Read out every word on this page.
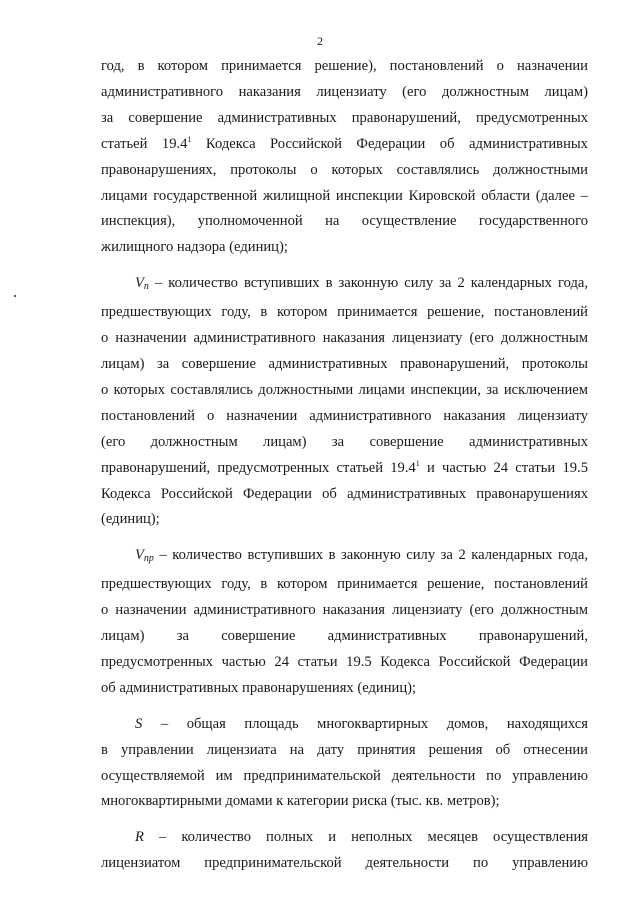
2
год, в котором принимается решение), постановлений о назначении
административного наказания лицензиату (его должностным лицам)
за совершение административных правонарушений, предусмотренных
статьей 19.4$^1$ Кодекса Российской Федерации об административных
правонарушениях, протоколы о которых составлялись должностными
лицами государственной жилищной инспекции Кировской области (далее –
инспекция), уполномоченной на осуществление государственного
жилищного надзора (единиц);
$V_п$ – количество вступивших в законную силу за 2 календарных года,
предшествующих году, в котором принимается решение, постановлений
о назначении административного наказания лицензиату (его должностным
лицам) за совершение административных правонарушений, протоколы
о которых составлялись должностными лицами инспекции, за исключением
постановлений о назначении административного наказания лицензиату
(его должностным лицам) за совершение административных
правонарушений, предусмотренных статьей 19.4$^1$ и частью 24 статьи 19.5
Кодекса Российской Федерации об административных правонарушениях
(единиц);
$V_{пр}$ – количество вступивших в законную силу за 2 календарных года,
предшествующих году, в котором принимается решение, постановлений
о назначении административного наказания лицензиату (его должностным
лицам) за совершение административных правонарушений,
предусмотренных частью 24 статьи 19.5 Кодекса Российской Федерации
об административных правонарушениях (единиц);
S – общая площадь многоквартирных домов, находящихся
в управлении лицензиата на дату принятия решения об отнесении
осуществляемой им предпринимательской деятельности по управлению
многоквартирными домами к категории риска (тыс. кв. метров);
R – количество полных и неполных месяцев осуществления
лицензиатом предпринимательской деятельности по управлению
